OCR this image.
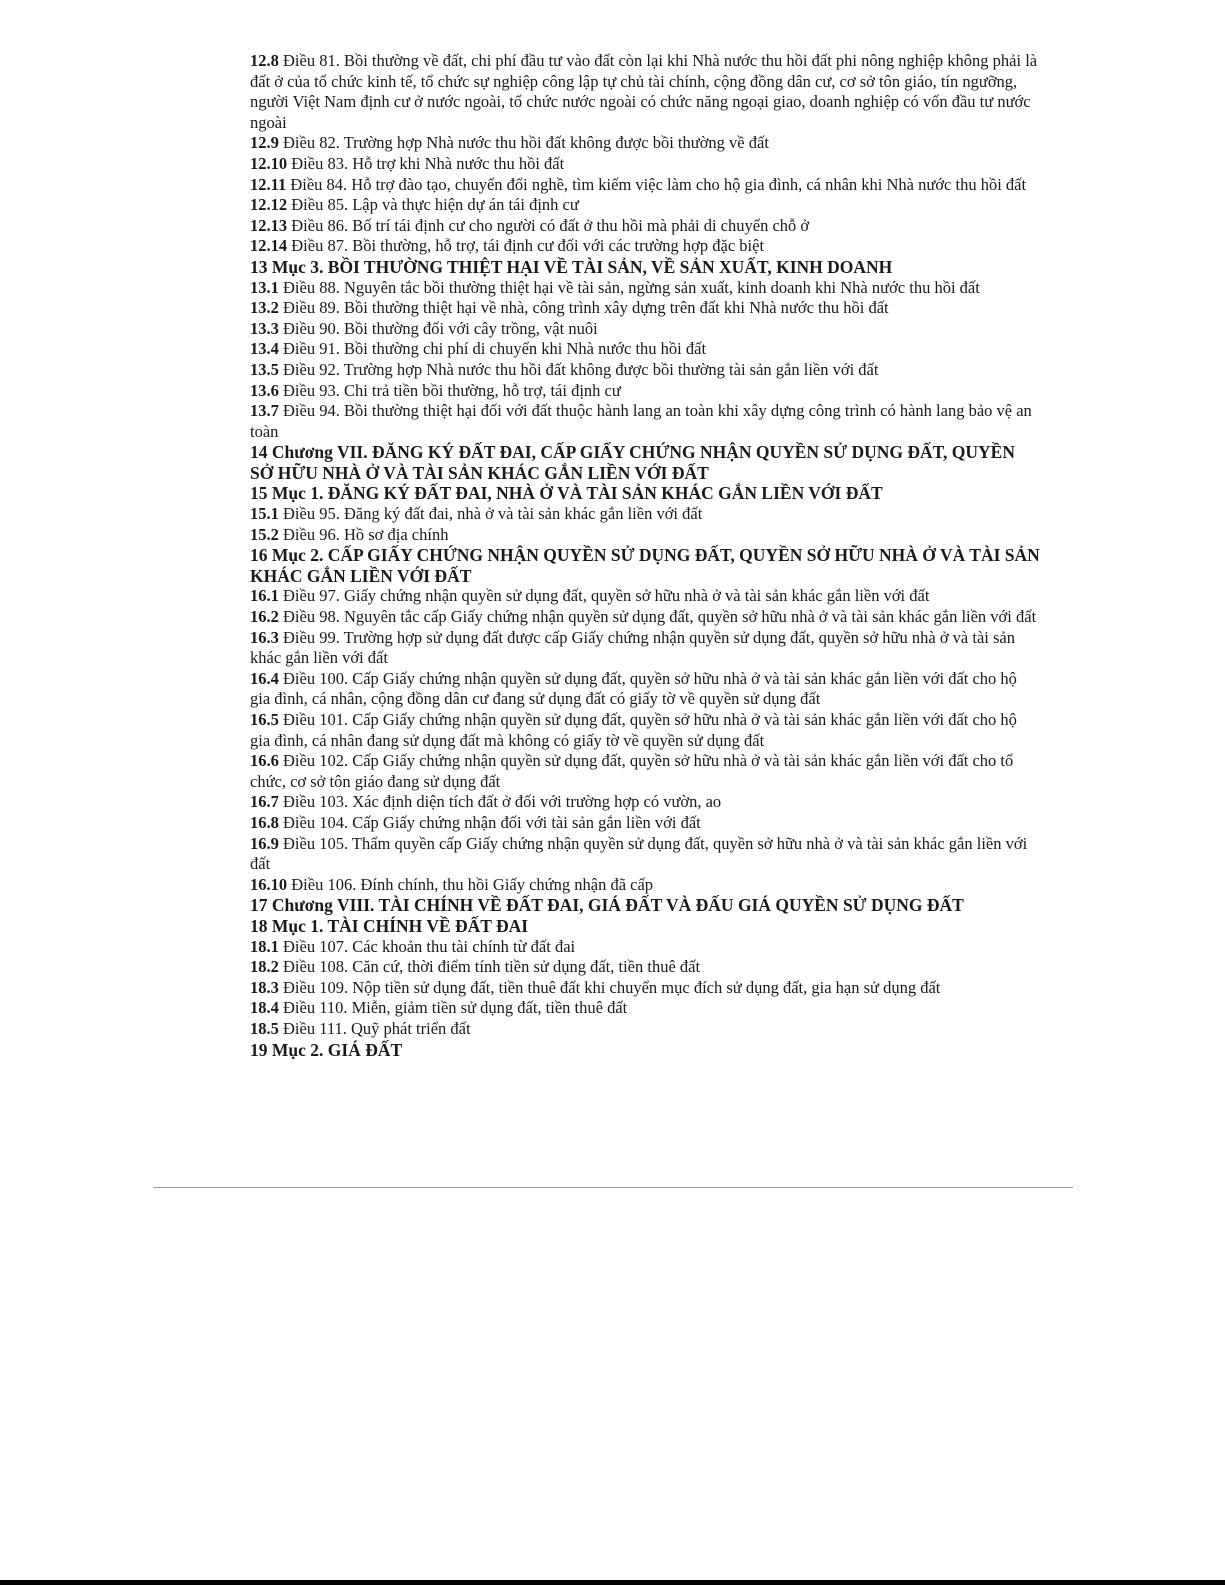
12.8 Điều 81. Bồi thường về đất, chi phí đầu tư vào đất còn lại khi Nhà nước thu hồi đất phi nông nghiệp không phải là đất ở của tổ chức kinh tế, tổ chức sự nghiệp công lập tự chủ tài chính, cộng đồng dân cư, cơ sở tôn giáo, tín ngưỡng, người Việt Nam định cư ở nước ngoài, tổ chức nước ngoài có chức năng ngoại giao, doanh nghiệp có vốn đầu tư nước ngoài

12.9 Điều 82. Trường hợp Nhà nước thu hồi đất không được bồi thường về đất

12.10 Điều 83. Hỗ trợ khi Nhà nước thu hồi đất

12.11 Điều 84. Hỗ trợ đào tạo, chuyển đổi nghề, tìm kiếm việc làm cho hộ gia đình, cá nhân khi Nhà nước thu hồi đất

12.12 Điều 85. Lập và thực hiện dự án tái định cư

12.13 Điều 86. Bố trí tái định cư cho người có đất ở thu hồi mà phải di chuyển chỗ ở

12.14 Điều 87. Bồi thường, hỗ trợ, tái định cư đối với các trường hợp đặc biệt

13 Mục 3. BỒI THƯỜNG THIỆT HẠI VỀ TÀI SẢN, VỀ SẢN XUẤT, KINH DOANH

13.1 Điều 88. Nguyên tắc bồi thường thiệt hại về tài sản, ngừng sản xuất, kinh doanh khi Nhà nước thu hồi đất

13.2 Điều 89. Bồi thường thiệt hại về nhà, công trình xây dựng trên đất khi Nhà nước thu hồi đất

13.3 Điều 90. Bồi thường đối với cây trồng, vật nuôi

13.4 Điều 91. Bồi thường chi phí di chuyển khi Nhà nước thu hồi đất

13.5 Điều 92. Trường hợp Nhà nước thu hồi đất không được bồi thường tài sản gắn liền với đất

13.6 Điều 93. Chi trả tiền bồi thường, hỗ trợ, tái định cư

13.7 Điều 94. Bồi thường thiệt hại đối với đất thuộc hành lang an toàn khi xây dựng công trình có hành lang bảo vệ an toàn

14 Chương VII. ĐĂNG KÝ ĐẤT ĐAI, CẤP GIẤY CHỨNG NHẬN QUYỀN SỬ DỤNG ĐẤT, QUYỀN SỞ HỮU NHÀ Ở VÀ TÀI SẢN KHÁC GẮN LIỀN VỚI ĐẤT

15 Mục 1. ĐĂNG KÝ ĐẤT ĐAI, NHÀ Ở VÀ TÀI SẢN KHÁC GẮN LIỀN VỚI ĐẤT

15.1 Điều 95. Đăng ký đất đai, nhà ở và tài sản khác gắn liền với đất

15.2 Điều 96. Hồ sơ địa chính

16 Mục 2. CẤP GIẤY CHỨNG NHẬN QUYỀN SỬ DỤNG ĐẤT, QUYỀN SỞ HỮU NHÀ Ở VÀ TÀI SẢN KHÁC GẮN LIỀN VỚI ĐẤT

16.1 Điều 97. Giấy chứng nhận quyền sử dụng đất, quyền sở hữu nhà ở và tài sản khác gắn liền với đất

16.2 Điều 98. Nguyên tắc cấp Giấy chứng nhận quyền sử dụng đất, quyền sở hữu nhà ở và tài sản khác gắn liền với đất

16.3 Điều 99. Trường hợp sử dụng đất được cấp Giấy chứng nhận quyền sử dụng đất, quyền sở hữu nhà ở và tài sản khác gắn liền với đất

16.4 Điều 100. Cấp Giấy chứng nhận quyền sử dụng đất, quyền sở hữu nhà ở và tài sản khác gắn liền với đất cho hộ gia đình, cá nhân, cộng đồng dân cư đang sử dụng đất có giấy tờ về quyền sử dụng đất

16.5 Điều 101. Cấp Giấy chứng nhận quyền sử dụng đất, quyền sở hữu nhà ở và tài sản khác gắn liền với đất cho hộ gia đình, cá nhân đang sử dụng đất mà không có giấy tờ về quyền sử dụng đất

16.6 Điều 102. Cấp Giấy chứng nhận quyền sử dụng đất, quyền sở hữu nhà ở và tài sản khác gắn liền với đất cho tổ chức, cơ sở tôn giáo đang sử dụng đất

16.7 Điều 103. Xác định diện tích đất ở đối với trường hợp có vườn, ao

16.8 Điều 104. Cấp Giấy chứng nhận đối với tài sản gắn liền với đất

16.9 Điều 105. Thẩm quyền cấp Giấy chứng nhận quyền sử dụng đất, quyền sở hữu nhà ở và tài sản khác gắn liền với đất

16.10 Điều 106. Đính chính, thu hồi Giấy chứng nhận đã cấp

17 Chương VIII. TÀI CHÍNH VỀ ĐẤT ĐAI, GIÁ ĐẤT VÀ ĐẤU GIÁ QUYỀN SỬ DỤNG ĐẤT

18 Mục 1. TÀI CHÍNH VỀ ĐẤT ĐAI

18.1 Điều 107. Các khoản thu tài chính từ đất đai

18.2 Điều 108. Căn cứ, thời điểm tính tiền sử dụng đất, tiền thuê đất

18.3 Điều 109. Nộp tiền sử dụng đất, tiền thuê đất khi chuyển mục đích sử dụng đất, gia hạn sử dụng đất

18.4 Điều 110. Miễn, giảm tiền sử dụng đất, tiền thuê đất

18.5 Điều 111. Quỹ phát triển đất

19 Mục 2. GIÁ ĐẤT
